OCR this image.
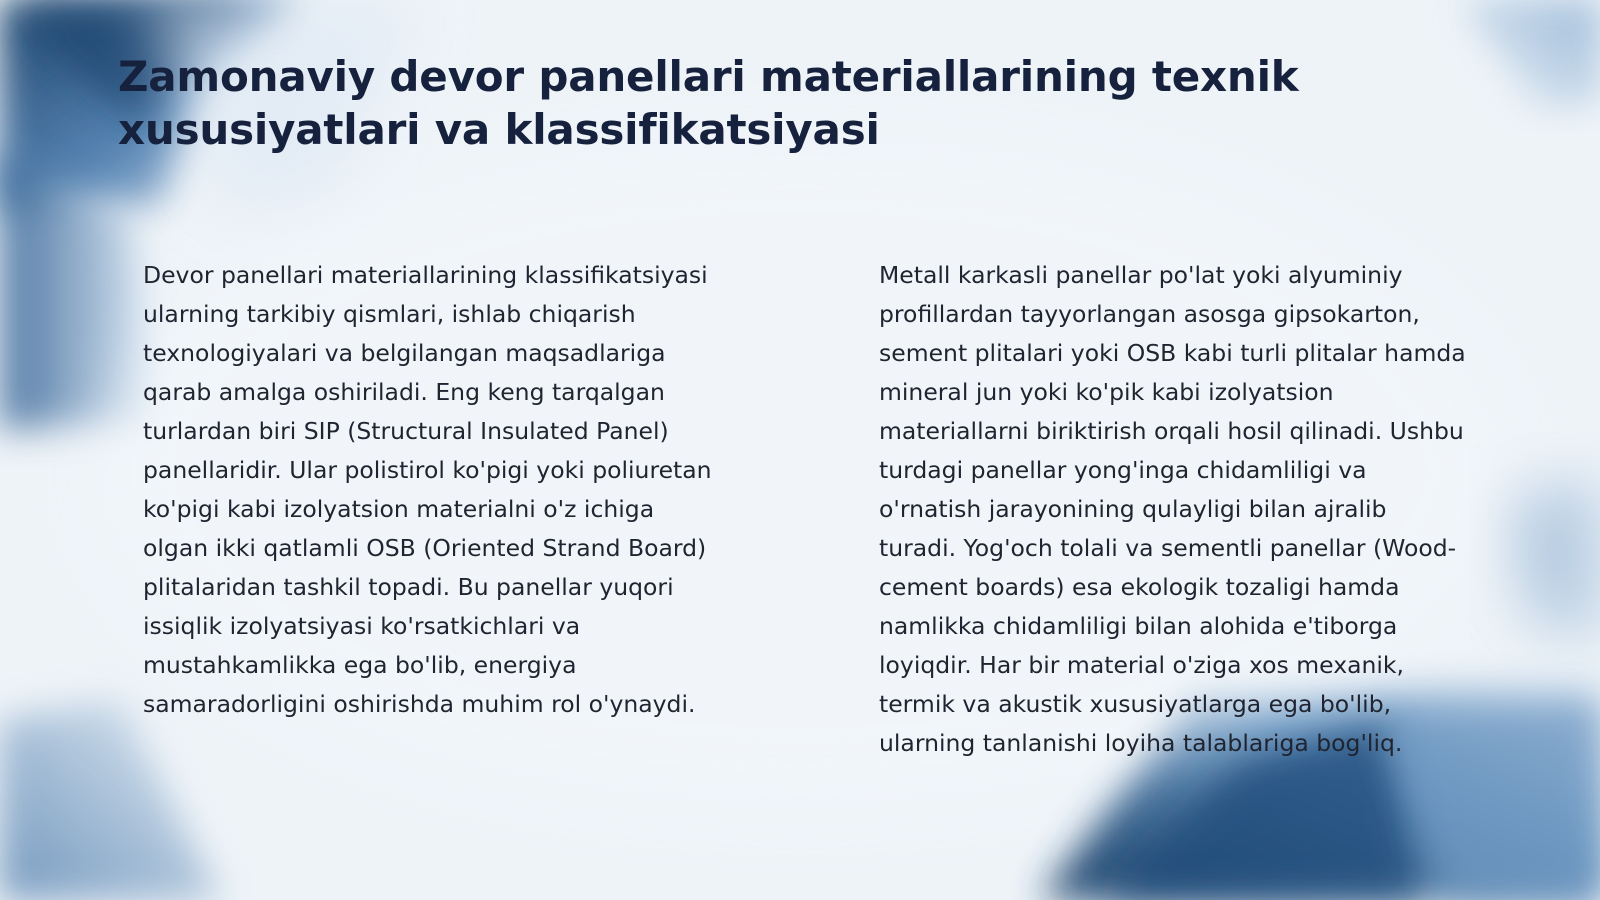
Zamonaviy devor panellari materiallarining texnik xususiyatlari va klassifikatsiyasi

Devor panellari materiallarining klassifikatsiyasi ularning tarkibiy qismlari, ishlab chiqarish texnologiyalari va belgilangan maqsadlariga qarab amalga oshiriladi. Eng keng tarqalgan turlardan biri SIP (Structural Insulated Panel) panellaridir. Ular polistirol ko'pigi yoki poliuretan ko'pigi kabi izolyatsion materialni o'z ichiga olgan ikki qatlamli OSB (Oriented Strand Board) plitalaridan tashkil topadi. Bu panellar yuqori issiqlik izolyatsiyasi ko'rsatkichlari va mustahkamlikka ega bo'lib, energiya samaradorligini oshirishda muhim rol o'ynaydi.

Metall karkasli panellar po'lat yoki alyuminiy profillardan tayyorlangan asosga gipsokarton, sement plitalari yoki OSB kabi turli plitalar hamda mineral jun yoki ko'pik kabi izolyatsion materiallarni biriktirish orqali hosil qilinadi. Ushbu turdagi panellar yong'inga chidamliligi va o'rnatish jarayonining qulayligi bilan ajralib turadi. Yog'och tolali va sementli panellar (Wood-cement boards) esa ekologik tozaligi hamda namlikka chidamliligi bilan alohida e'tiborga loyiqdir. Har bir material o'ziga xos mexanik, termik va akustik xususiyatlarga ega bo'lib, ularning tanlanishi loyiha talablariga bog'liq.
